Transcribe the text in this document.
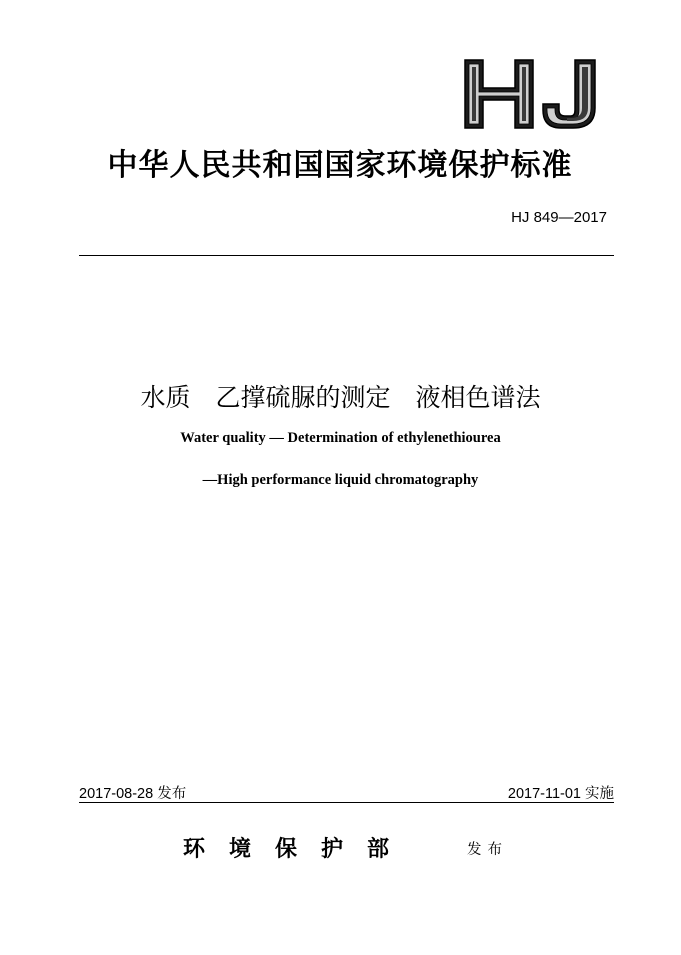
中华人民共和国国家环境保护标准
HJ 849—2017
水质　乙撑硫脲的测定　液相色谱法
Water quality — Determination of ethylenethiourea
—High performance liquid chromatography
2017-08-28 发布	2017-11-01 实施
环境保护部	发布
